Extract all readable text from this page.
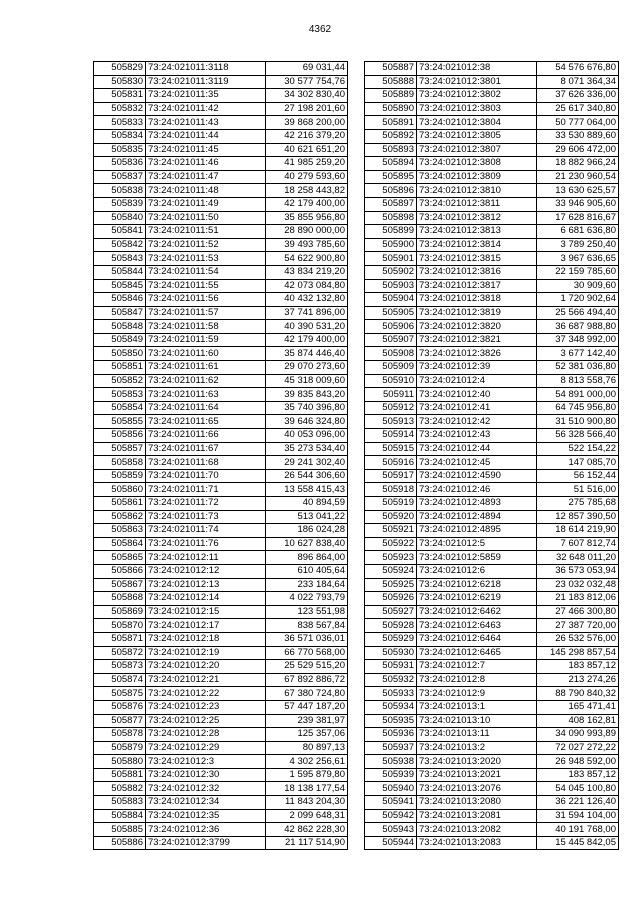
4362
505829	73:24:021011:3118	69 031,44
505830	73:24:021011:3119	30 577 754,76
505831	73:24:021011:35	34 302 830,40
505832	73:24:021011:42	27 198 201,60
505833	73:24:021011:43	39 868 200,00
505834	73:24:021011:44	42 216 379,20
505835	73:24:021011:45	40 621 651,20
505836	73:24:021011:46	41 985 259,20
505837	73:24:021011:47	40 279 593,60
505838	73:24:021011:48	18 258 443,82
505839	73:24:021011:49	42 179 400,00
505840	73:24:021011:50	35 855 956,80
505841	73:24:021011:51	28 890 000,00
505842	73:24:021011:52	39 493 785,60
505843	73:24:021011:53	54 622 900,80
505844	73:24:021011:54	43 834 219,20
505845	73:24:021011:55	42 073 084,80
505846	73:24:021011:56	40 432 132,80
505847	73:24:021011:57	37 741 896,00
505848	73:24:021011:58	40 390 531,20
505849	73:24:021011:59	42 179 400,00
505850	73:24:021011:60	35 874 446,40
505851	73:24:021011:61	29 070 273,60
505852	73:24:021011:62	45 318 009,60
505853	73:24:021011:63	39 835 843,20
505854	73:24:021011:64	35 740 396,80
505855	73:24:021011:65	39 646 324,80
505856	73:24:021011:66	40 053 096,00
505857	73:24:021011:67	35 273 534,40
505858	73:24:021011:68	29 241 302,40
505859	73:24:021011:70	26 544 306,60
505860	73:24:021011:71	13 558 415,43
505861	73:24:021011:72	40 894,59
505862	73:24:021011:73	513 041,22
505863	73:24:021011:74	186 024,28
505864	73:24:021011:76	10 627 838,40
505865	73:24:021012:11	896 864,00
505866	73:24:021012:12	610 405,64
505867	73:24:021012:13	233 184,64
505868	73:24:021012:14	4 022 793,79
505869	73:24:021012:15	123 551,98
505870	73:24:021012:17	838 567,84
505871	73:24:021012:18	36 571 036,01
505872	73:24:021012:19	66 770 568,00
505873	73:24:021012:20	25 529 515,20
505874	73:24:021012:21	67 892 886,72
505875	73:24:021012:22	67 380 724,80
505876	73:24:021012:23	57 447 187,20
505877	73:24:021012:25	239 381,97
505878	73:24:021012:28	125 357,06
505879	73:24:021012:29	80 897,13
505880	73:24:021012:3	4 302 256,61
505881	73:24:021012:30	1 595 879,80
505882	73:24:021012:32	18 138 177,54
505883	73:24:021012:34	11 843 204,30
505884	73:24:021012:35	2 099 648,31
505885	73:24:021012:36	42 862 228,30
505886	73:24:021012:3799	21 117 514,90
505887	73:24:021012:38	54 576 676,80
505888	73:24:021012:3801	8 071 364,34
505889	73:24:021012:3802	37 626 336,00
505890	73:24:021012:3803	25 617 340,80
505891	73:24:021012:3804	50 777 064,00
505892	73:24:021012:3805	33 530 889,60
505893	73:24:021012:3807	29 606 472,00
505894	73:24:021012:3808	18 882 966,24
505895	73:24:021012:3809	21 230 960,54
505896	73:24:021012:3810	13 630 625,57
505897	73:24:021012:3811	33 946 905,60
505898	73:24:021012:3812	17 628 816,67
505899	73:24:021012:3813	6 681 636,80
505900	73:24:021012:3814	3 789 250,40
505901	73:24:021012:3815	3 967 636,65
505902	73:24:021012:3816	22 159 785,60
505903	73:24:021012:3817	30 909,60
505904	73:24:021012:3818	1 720 902,64
505905	73:24:021012:3819	25 566 494,40
505906	73:24:021012:3820	36 687 988,80
505907	73:24:021012:3821	37 348 992,00
505908	73:24:021012:3826	3 677 142,40
505909	73:24:021012:39	52 381 036,80
505910	73:24:021012:4	8 813 558,76
505911	73:24:021012:40	54 891 000,00
505912	73:24:021012:41	64 745 956,80
505913	73:24:021012:42	31 510 900,80
505914	73:24:021012:43	56 328 566,40
505915	73:24:021012:44	522 154,22
505916	73:24:021012:45	147 085,70
505917	73:24:021012:4590	56 152,44
505918	73:24:021012:46	51 516,00
505919	73:24:021012:4893	275 785,68
505920	73:24:021012:4894	12 857 390,50
505921	73:24:021012:4895	18 614 219,90
505922	73:24:021012:5	7 607 812,74
505923	73:24:021012:5859	32 648 011,20
505924	73:24:021012:6	36 573 053,94
505925	73:24:021012:6218	23 032 032,48
505926	73:24:021012:6219	21 183 812,06
505927	73:24:021012:6462	27 466 300,80
505928	73:24:021012:6463	27 387 720,00
505929	73:24:021012:6464	26 532 576,00
505930	73:24:021012:6465	145 298 857,54
505931	73:24:021012:7	183 857,12
505932	73:24:021012:8	213 274,26
505933	73:24:021012:9	88 790 840,32
505934	73:24:021013:1	165 471,41
505935	73:24:021013:10	408 162,81
505936	73:24:021013:11	34 090 993,89
505937	73:24:021013:2	72 027 272,22
505938	73:24:021013:2020	26 948 592,00
505939	73:24:021013:2021	183 857,12
505940	73:24:021013:2076	54 045 100,80
505941	73:24:021013:2080	36 221 126,40
505942	73:24:021013:2081	31 594 104,00
505943	73:24:021013:2082	40 191 768,00
505944	73:24:021013:2083	15 445 842,05
